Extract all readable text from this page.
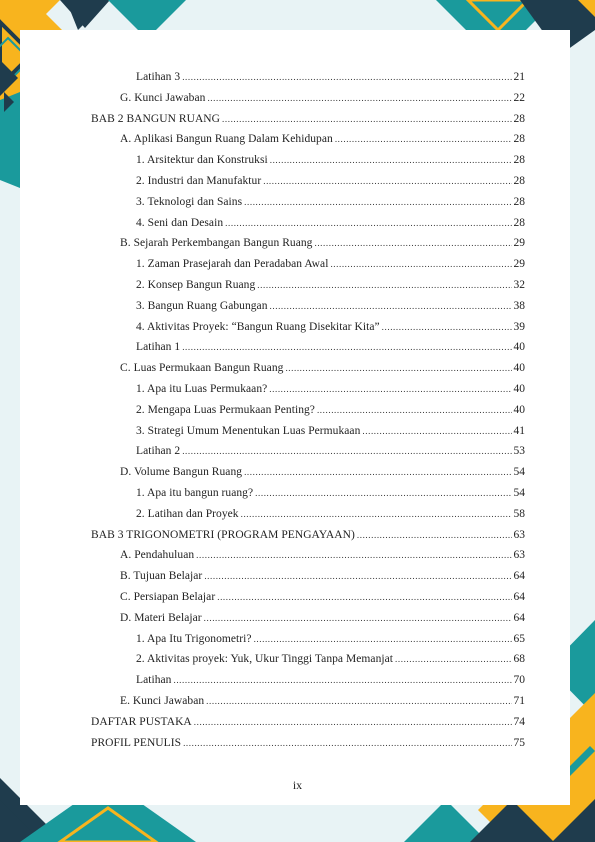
Latihan 3 .....	21
G. Kunci Jawaban .....	22
BAB 2 BANGUN RUANG .....	28
A. Aplikasi Bangun Ruang Dalam Kehidupan .....	28
1. Arsitektur dan Konstruksi .....	28
2. Industri dan Manufaktur .....	28
3. Teknologi dan Sains .....	28
4. Seni dan Desain .....	28
B. Sejarah Perkembangan Bangun Ruang .....	29
1. Zaman Prasejarah dan Peradaban Awal .....	29
2. Konsep Bangun Ruang .....	32
3. Bangun Ruang Gabungan .....	38
4. Aktivitas Proyek: “Bangun Ruang Disekitar Kita” .....	39
Latihan 1 .....	40
C. Luas Permukaan Bangun Ruang .....	40
1. Apa itu Luas Permukaan? .....	40
2. Mengapa Luas Permukaan Penting? .....	40
3. Strategi Umum Menentukan Luas Permukaan .....	41
Latihan 2 .....	53
D. Volume Bangun Ruang .....	54
1. Apa itu bangun ruang? .....	54
2. Latihan dan Proyek .....	58
BAB 3 TRIGONOMETRI (PROGRAM PENGAYAAN) .....	63
A. Pendahuluan .....	63
B. Tujuan Belajar .....	64
C. Persiapan Belajar .....	64
D. Materi Belajar .....	64
1. Apa Itu Trigonometri? .....	65
2. Aktivitas proyek: Yuk, Ukur Tinggi Tanpa Memanjat .....	68
Latihan .....	70
E. Kunci Jawaban .....	71
DAFTAR PUSTAKA .....	74
PROFIL PENULIS .....	75
ix
